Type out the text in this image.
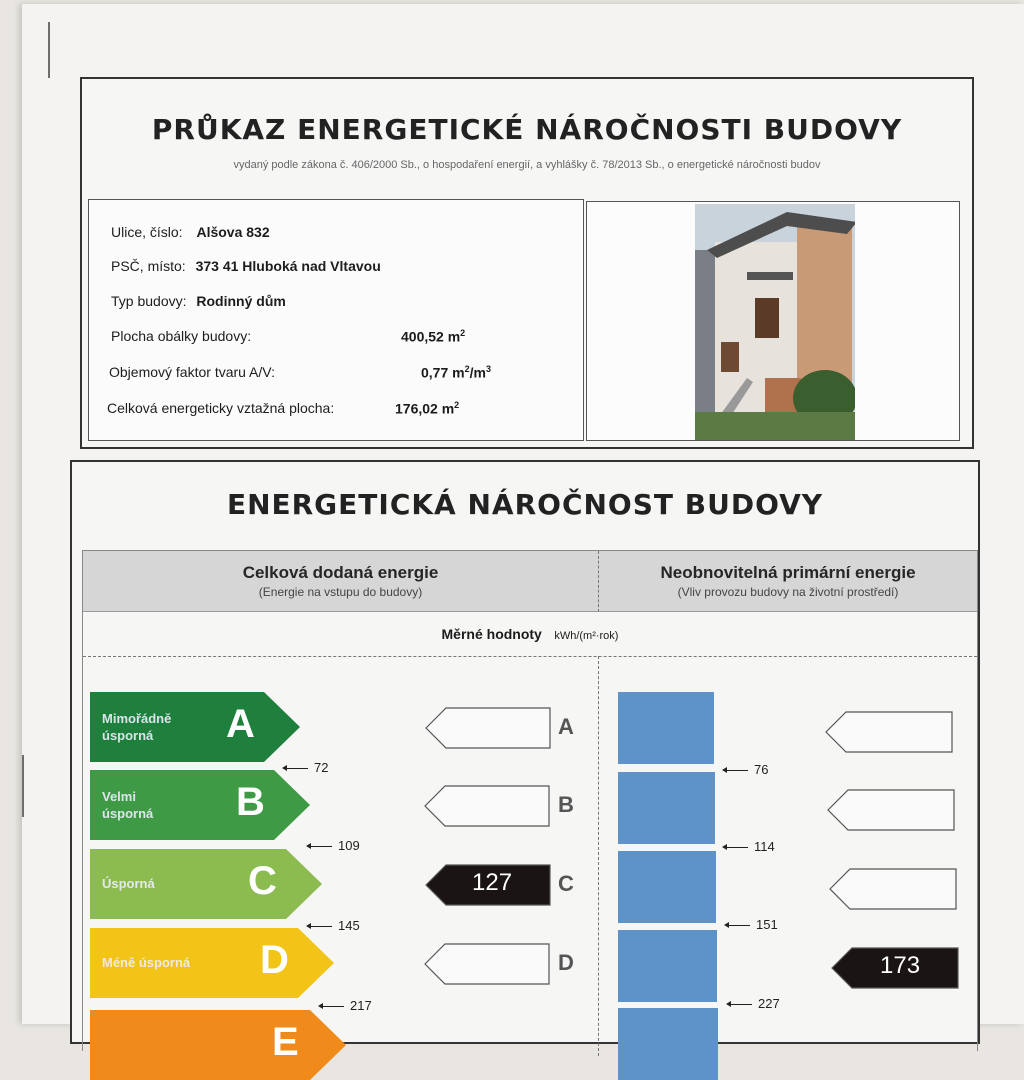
PRŮKAZ ENERGETICKÉ NÁROČNOSTI BUDOVY
vydaný podle zákona č. 406/2000 Sb., o hospodaření energií, a vyhlášky č. 78/2013 Sb., o energetické náročnosti budov
Ulice, číslo: Alšova 832
PSČ, místo: 373 41 Hluboká nad Vltavou
Typ budovy: Rodinný dům
Plocha obálky budovy:	400,52 $m^2$
Objemový faktor tvaru A/V:	0,77 $m^2/m^3$
Celková energeticky vztažná plocha:	176,02 $m^2$
ENERGETICKÁ NÁROČNOST BUDOVY
Celková dodaná energie
(Energie na vstupu do budovy)
Neobnovitelná primární energie
(Vliv provozu budovy na životní prostředí)
Měrné hodnoty kWh/(m²·rok)
Mimořádně
úsporná	A	A
Velmi
úsporná B	B
Úsporná C	127 C
Méně úsporná D	D	173
E
72
109
145
217
76
114
151
227
